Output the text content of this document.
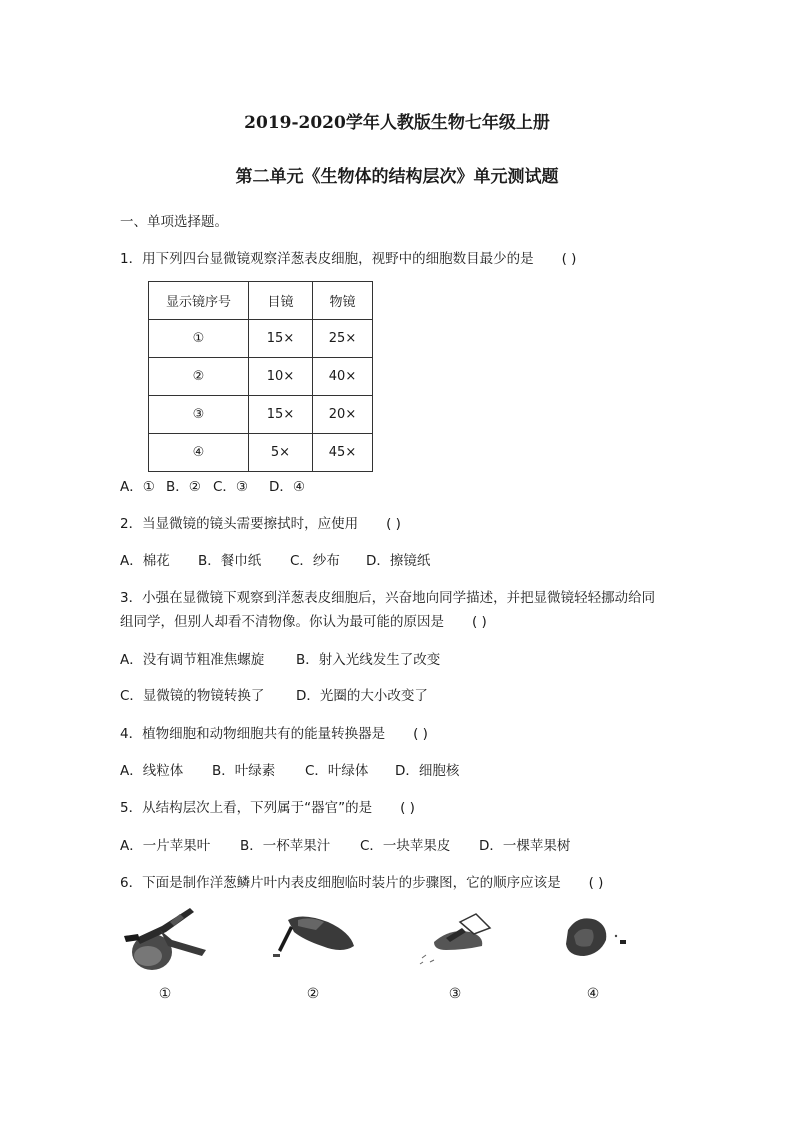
2019-2020学年人教版生物七年级上册
第二单元《生物体的结构层次》单元测试题
一、单项选择题。
1．用下列四台显微镜观察洋葱表皮细胞，视野中的细胞数目最少的是 ( )
显示镜序号	目镜	物镜
①	15×	25×
②	10×	40×
③	15×	20×
④	5×	45×
A．① B．② C．③ D．④
2．当显微镜的镜头需要擦拭时，应使用 ( )
A．棉花 B．餐巾纸 C．纱布 D．擦镜纸
3．小强在显微镜下观察到洋葱表皮细胞后，兴奋地向同学描述，并把显微镜轻轻挪动给同
组同学，但别人却看不清物像。你认为最可能的原因是 ( )
A．没有调节粗准焦螺旋 B．射入光线发生了改变
C．显微镜的物镜转换了 D．光圈的大小改变了
4．植物细胞和动物细胞共有的能量转换器是 ( )
A．线粒体 B．叶绿素 C．叶绿体 D．细胞核
5．从结构层次上看，下列属于“器官”的是 ( )
A．一片苹果叶 B．一杯苹果汁 C．一块苹果皮 D．一棵苹果树
6．下面是制作洋葱鳞片叶内表皮细胞临时装片的步骤图，它的顺序应该是 ( )
①	②	③	④
